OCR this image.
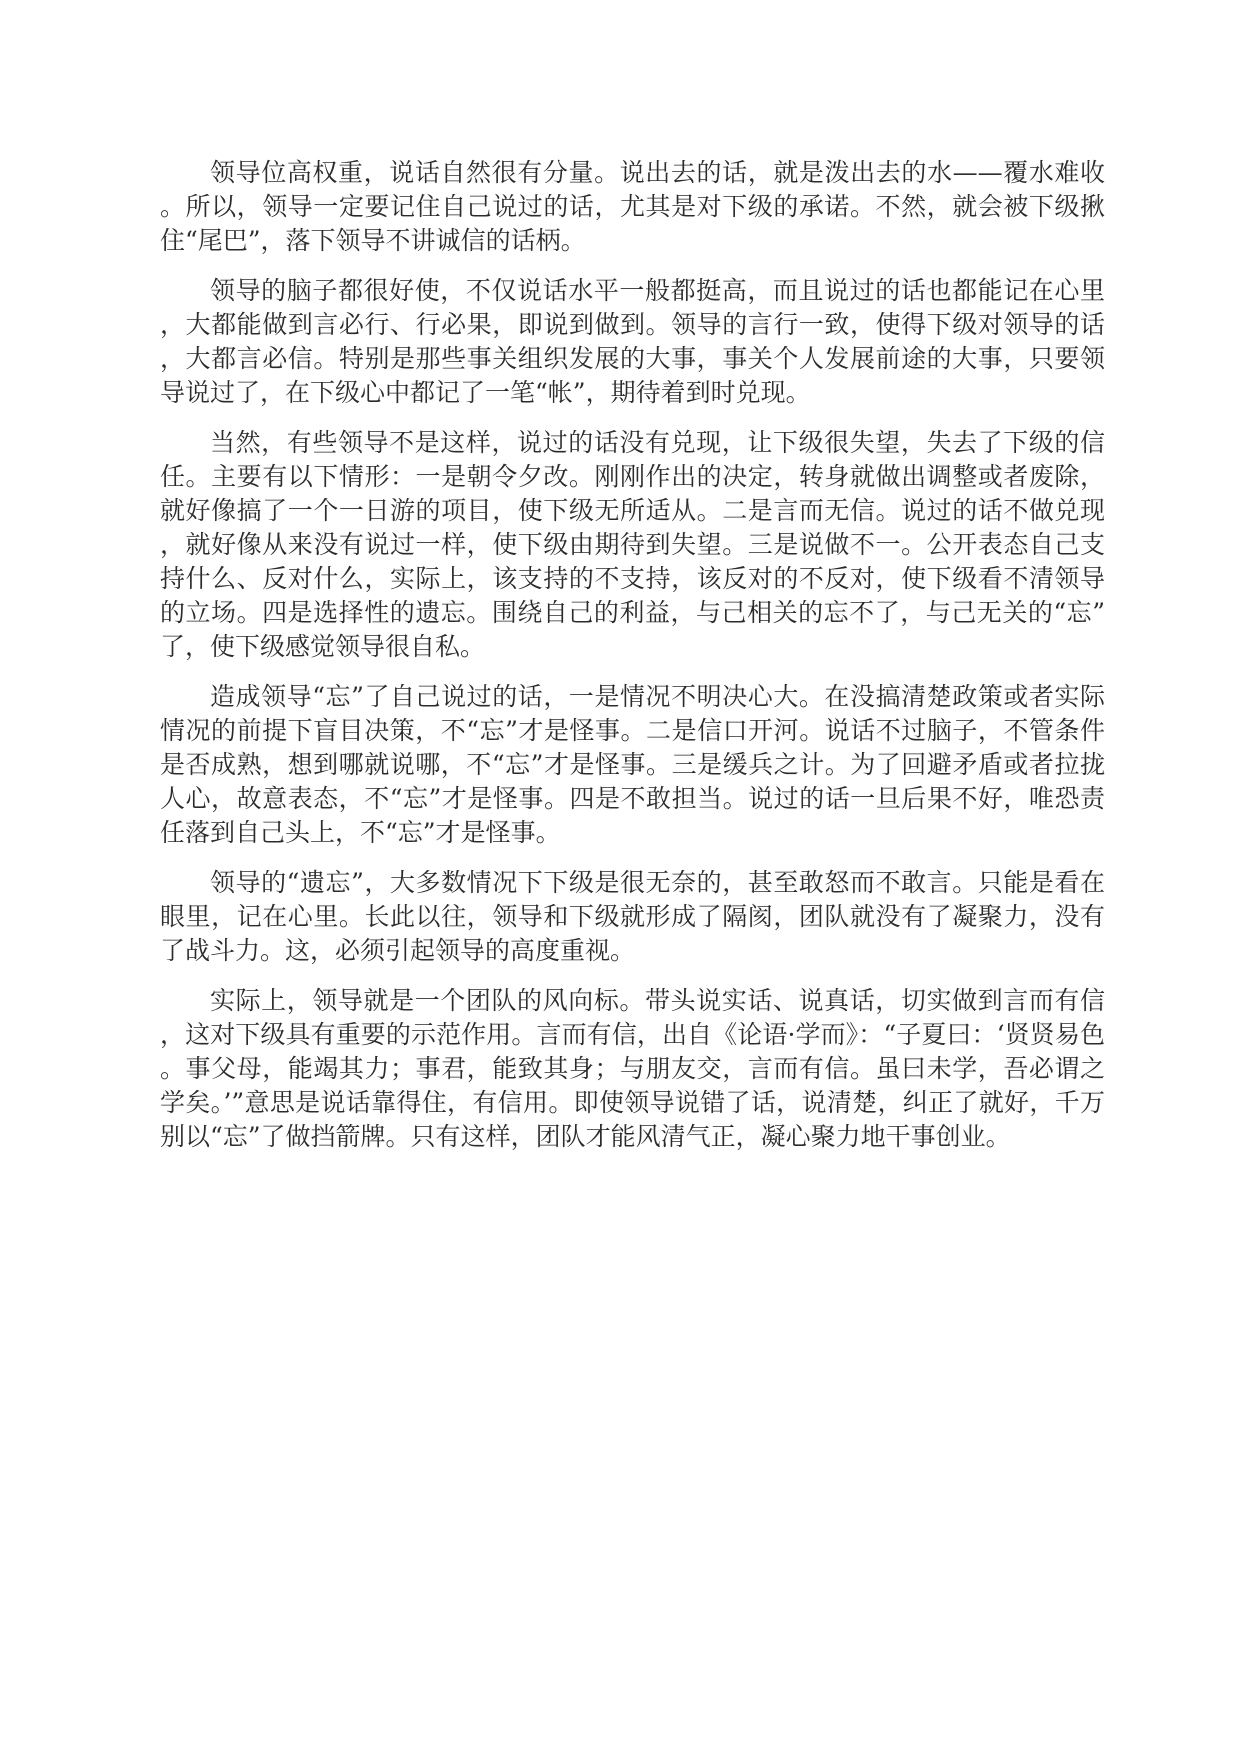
领导位高权重，说话自然很有分量。说出去的话，就是泼出去的水——覆水难收。所以，领导一定要记住自己说过的话，尤其是对下级的承诺。不然，就会被下级揪住“尾巴”，落下领导不讲诚信的话柄。

领导的脑子都很好使，不仅说话水平一般都挺高，而且说过的话也都能记在心里，大都能做到言必行、行必果，即说到做到。领导的言行一致，使得下级对领导的话，大都言必信。特别是那些事关组织发展的大事，事关个人发展前途的大事，只要领导说过了，在下级心中都记了一笔“帐”，期待着到时兑现。

当然，有些领导不是这样，说过的话没有兑现，让下级很失望，失去了下级的信任。主要有以下情形：一是朝令夕改。刚刚作出的决定，转身就做出调整或者废除，就好像搞了一个一日游的项目，使下级无所适从。二是言而无信。说过的话不做兑现，就好像从来没有说过一样，使下级由期待到失望。三是说做不一。公开表态自己支持什么、反对什么，实际上，该支持的不支持，该反对的不反对，使下级看不清领导的立场。四是选择性的遗忘。围绕自己的利益，与己相关的忘不了，与己无关的“忘”了，使下级感觉领导很自私。

造成领导“忘”了自己说过的话，一是情况不明决心大。在没搞清楚政策或者实际情况的前提下盲目决策，不“忘”才是怪事。二是信口开河。说话不过脑子，不管条件是否成熟，想到哪就说哪，不“忘”才是怪事。三是缓兵之计。为了回避矛盾或者拉拢人心，故意表态，不“忘”才是怪事。四是不敢担当。说过的话一旦后果不好，唯恐责任落到自己头上，不“忘”才是怪事。

领导的“遗忘”，大多数情况下下级是很无奈的，甚至敢怒而不敢言。只能是看在眼里，记在心里。长此以往，领导和下级就形成了隔阂，团队就没有了凝聚力，没有了战斗力。这，必须引起领导的高度重视。

实际上，领导就是一个团队的风向标。带头说实话、说真话，切实做到言而有信，这对下级具有重要的示范作用。言而有信，出自《论语·学而》：“子夏曰：‘贤贤易色。事父母，能竭其力；事君，能致其身；与朋友交，言而有信。虽曰未学，吾必谓之学矣。’”意思是说话靠得住，有信用。即使领导说错了话，说清楚，纠正了就好，千万别以“忘”了做挡箭牌。只有这样，团队才能风清气正，凝心聚力地干事创业。
